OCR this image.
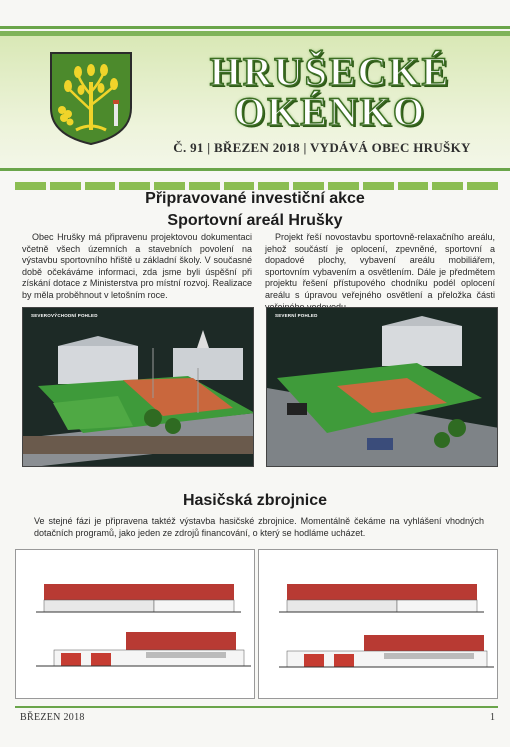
HRUŠECKÉ
OKÉNKO
Č. 91 | BŘEZEN 2018 | VYDÁVÁ OBEC HRUŠKY
Připravované investiční akce
Sportovní areál Hrušky
Obec Hrušky má připravenu projektovou dokumentaci včetně všech územních a stavebních povolení na výstavbu sportovního hřiště u základní školy. V současné době očekáváme informaci, zda jsme byli úspěšní při získání dotace z Ministerstva pro místní rozvoj. Realizace by měla proběhnout v letošním roce.
Projekt řeší novostavbu sportovně-relaxačního areálu, jehož součástí je oplocení, zpevněné, sportovní a dopadové plochy, vybavení areálu mobiliářem, sportovním vybavením a osvětlením. Dále je předmětem projektu řešení přístupového chodníku podél oplocení areálu s úpravou veřejného osvětlení a přeložka části
SEVEROVÝCHODNÍ POHLED	SEVERNÍ POHLED
Hasičská zbrojnice
Ve stejné fázi je připravena taktéž výstavba hasičské zbrojnice. Momentálně čekáme na vyhlášení vhodných dotačních programů, jako jeden ze zdrojů financování, o který se hodláme ucházet.
BŘEZEN 2018	1
